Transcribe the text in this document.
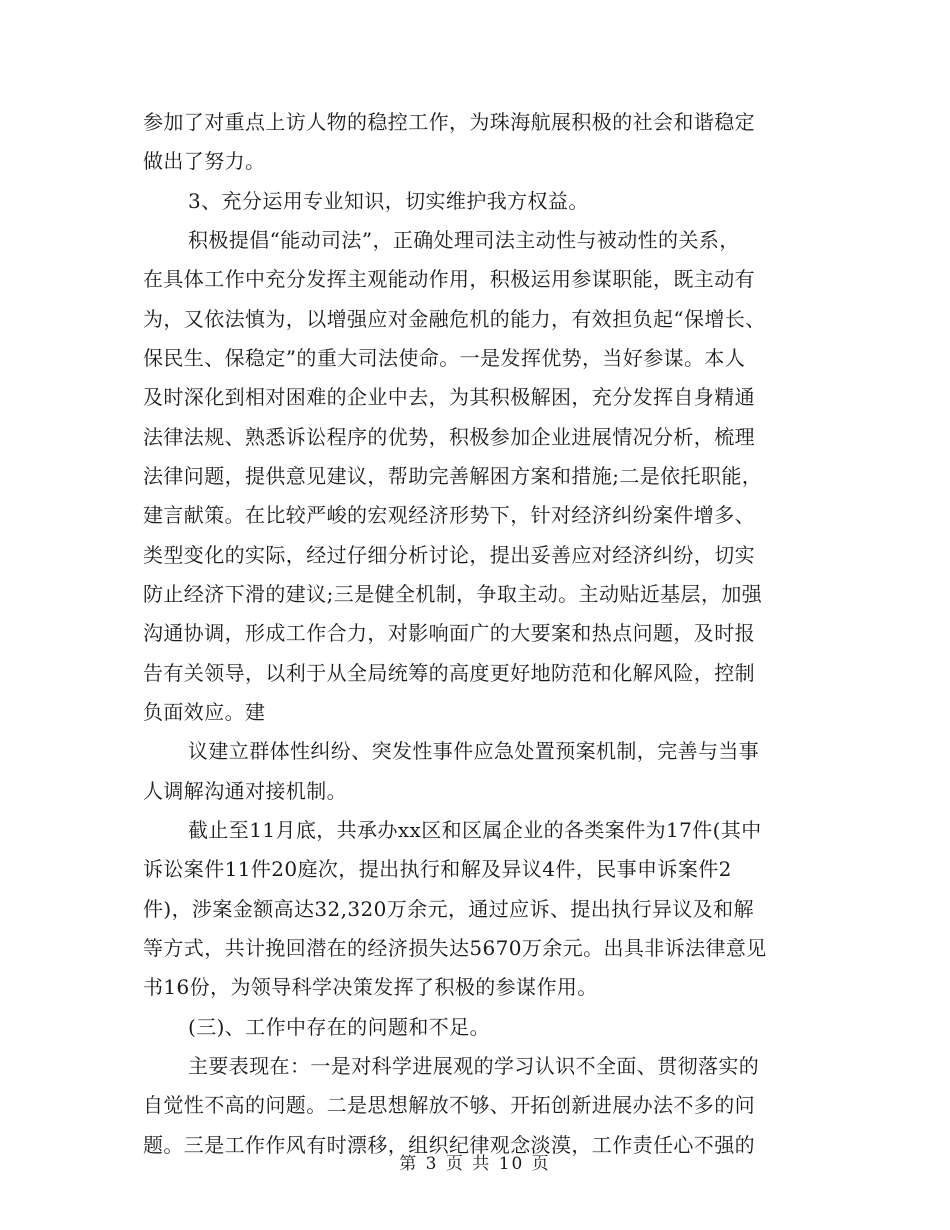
参加了对重点上访人物的稳控工作，为珠海航展积极的社会和谐稳定
做出了努力。
3、充分运用专业知识，切实维护我方权益。
积极提倡“能动司法”，正确处理司法主动性与被动性的关系，
在具体工作中充分发挥主观能动作用，积极运用参谋职能，既主动有
为，又依法慎为，以增强应对金融危机的能力，有效担负起“保增长、
保民生、保稳定”的重大司法使命。一是发挥优势，当好参谋。本人
及时深化到相对困难的企业中去，为其积极解困，充分发挥自身精通
法律法规、熟悉诉讼程序的优势，积极参加企业进展情况分析，梳理
法律问题，提供意见建议，帮助完善解困方案和措施;二是依托职能，
建言献策。在比较严峻的宏观经济形势下，针对经济纠纷案件增多、
类型变化的实际，经过仔细分析讨论，提出妥善应对经济纠纷，切实
防止经济下滑的建议;三是健全机制，争取主动。主动贴近基层，加强
沟通协调，形成工作合力，对影响面广的大要案和热点问题，及时报
告有关领导，以利于从全局统筹的高度更好地防范和化解风险，控制
负面效应。建
议建立群体性纠纷、突发性事件应急处置预案机制，完善与当事
人调解沟通对接机制。
截止至11月底，共承办xx区和区属企业的各类案件为17件(其中
诉讼案件11件20庭次，提出执行和解及异议4件，民事申诉案件2
件)，涉案金额高达32,320万余元，通过应诉、提出执行异议及和解
等方式，共计挽回潜在的经济损失达5670万余元。出具非诉法律意见
书16份，为领导科学决策发挥了积极的参谋作用。
(三)、工作中存在的问题和不足。
主要表现在：一是对科学进展观的学习认识不全面、贯彻落实的
自觉性不高的问题。二是思想解放不够、开拓创新进展办法不多的问
题。三是工作作风有时漂移，组织纪律观念淡漠，工作责任心不强的
第 3 页 共 10 页
